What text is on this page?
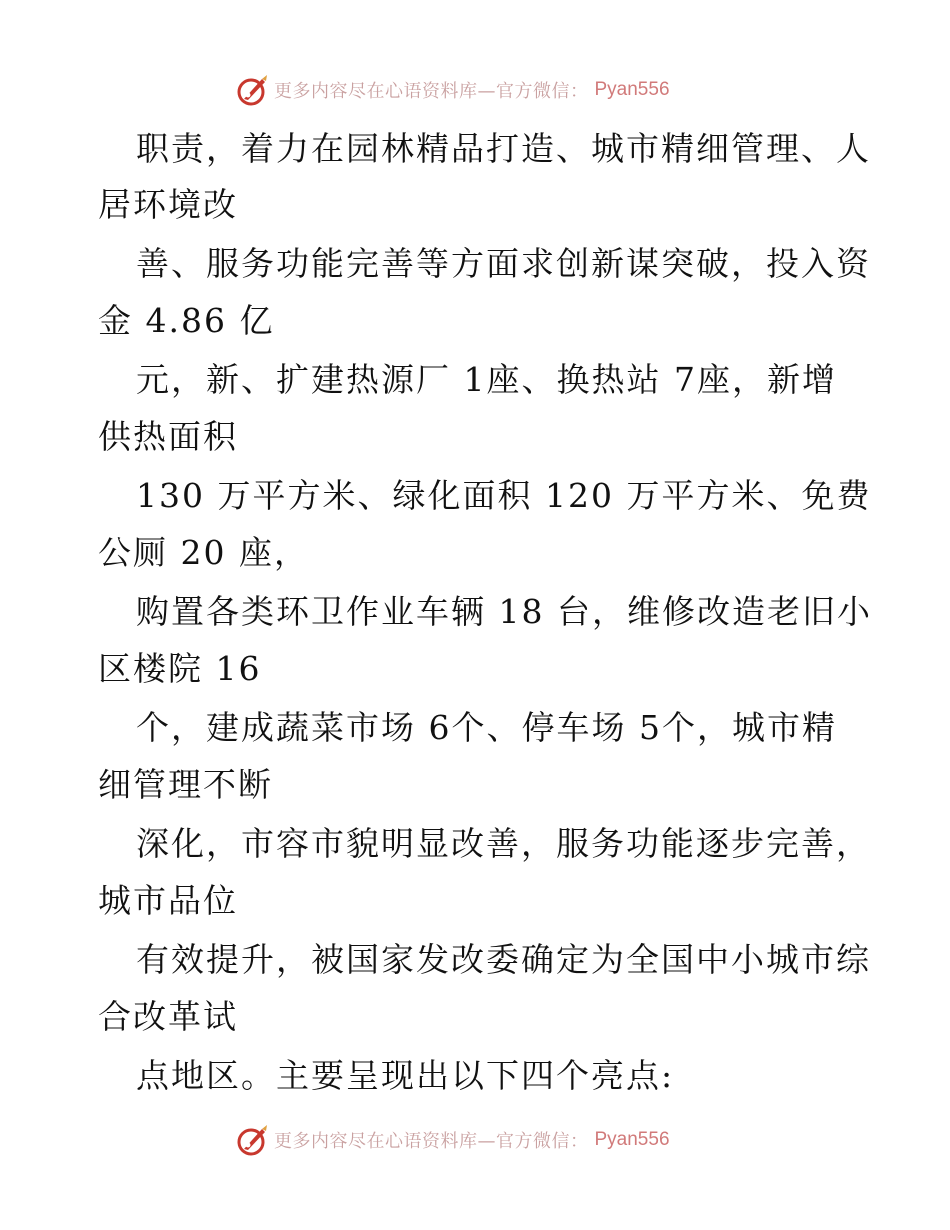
更多内容尽在心语资料库—官方微信： Pyan556
职责，着力在园林精品打造、城市精细管理、人
居环境改
善、服务功能完善等方面求创新谋突破，投入资
金 4.86 亿
元，新、扩建热源厂 1座、换热站 7座，新增
供热面积
130 万平方米、绿化面积 120 万平方米、免费
公厕 20 座，
购置各类环卫作业车辆 18 台，维修改造老旧小
区楼院 16
个，建成蔬菜市场 6个、停车场 5个，城市精
细管理不断
深化，市容市貌明显改善，服务功能逐步完善，
城市品位
有效提升，被国家发改委确定为全国中小城市综
合改革试
点地区。主要呈现出以下四个亮点:
更多内容尽在心语资料库—官方微信： Pyan556
